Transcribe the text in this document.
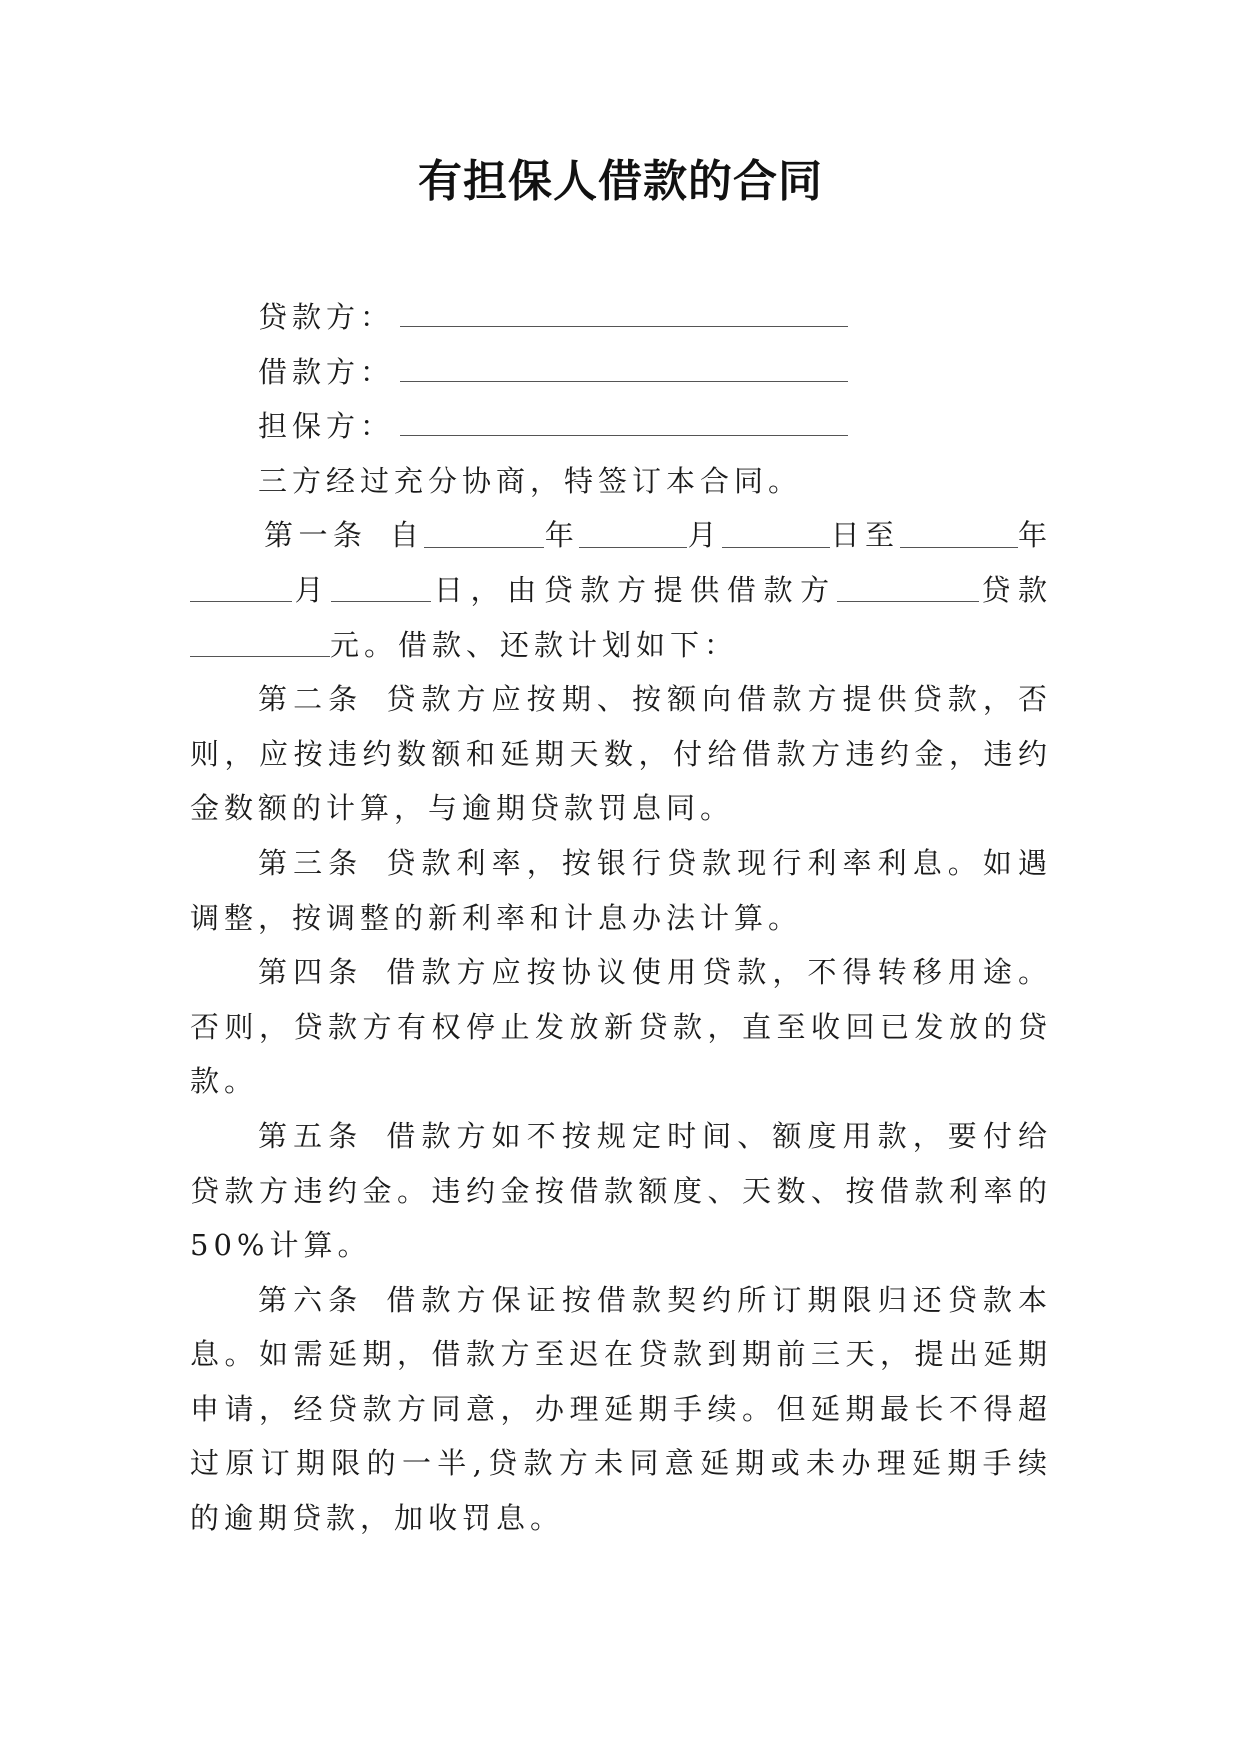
有担保人借款的合同
贷款方：
借款方：
担保方：

三方经过充分协商，特签订本合同。

第一条 自	年	月	日至	年月	日，由贷款方提供借款方	贷款元。借款、还款计划如下：

第二条 贷款方应按期、按额向借款方提供贷款，否则，应按违约数额和延期天数，付给借款方违约金，违约金数额的计算，与逾期贷款罚息同。

第三条 贷款利率，按银行贷款现行利率利息。如遇调整，按调整的新利率和计息办法计算。

第四条 借款方应按协议使用贷款，不得转移用途。否则，贷款方有权停止发放新贷款，直至收回已发放的贷款。

第五条 借款方如不按规定时间、额度用款，要付给贷款方违约金。违约金按借款额度、天数、按借款利率的 50%计算。

第六条 借款方保证按借款契约所订期限归还贷款本息。如需延期，借款方至迟在贷款到期前三天，提出延期申请，经贷款方同意，办理延期手续。但延期最长不得超过原订期限的一半,贷款方未同意延期或未办理延期手续的逾期贷款，加收罚息。
